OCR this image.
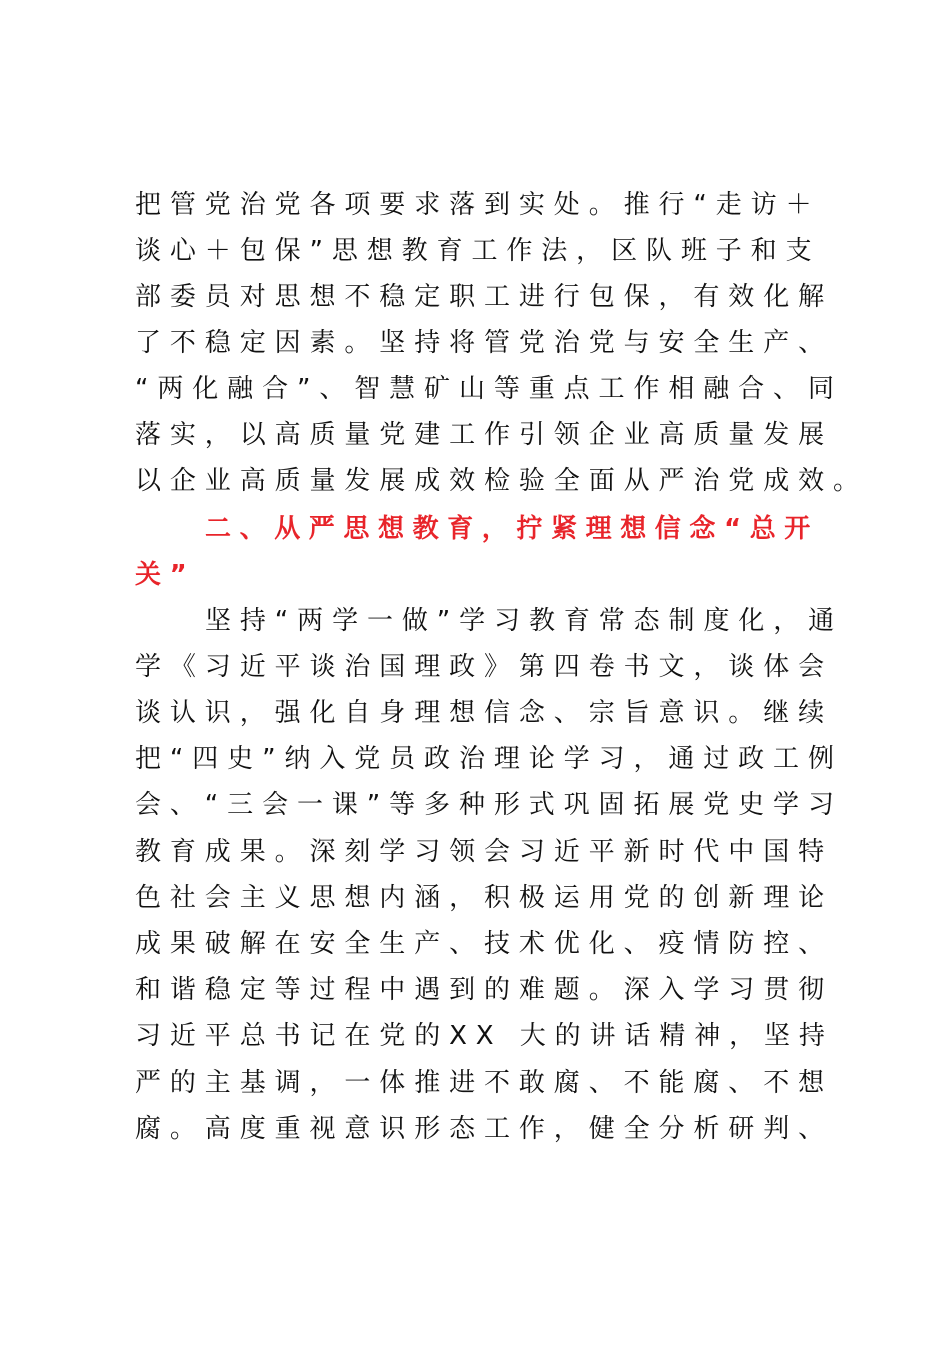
把管党治党各项要求落到实处。推行“走访＋
谈心＋包保”思想教育工作法，区队班子和支
部委员对思想不稳定职工进行包保，有效化解
了不稳定因素。坚持将管党治党与安全生产、
“两化融合”、智慧矿山等重点工作相融合、同
落实，以高质量党建工作引领企业高质量发展
以企业高质量发展成效检验全面从严治党成效。
二、从严思想教育，拧紧理想信念“总开
关”
坚持“两学一做”学习教育常态制度化，通
学《习近平谈治国理政》第四卷书文，谈体会
谈认识，强化自身理想信念、宗旨意识。继续
把“四史”纳入党员政治理论学习，通过政工例
会、“三会一课”等多种形式巩固拓展党史学习
教育成果。深刻学习领会习近平新时代中国特
色社会主义思想内涵，积极运用党的创新理论
成果破解在安全生产、技术优化、疫情防控、
和谐稳定等过程中遇到的难题。深入学习贯彻
习近平总书记在党的XX 大的讲话精神，坚持
严的主基调，一体推进不敢腐、不能腐、不想
腐。高度重视意识形态工作，健全分析研判、
